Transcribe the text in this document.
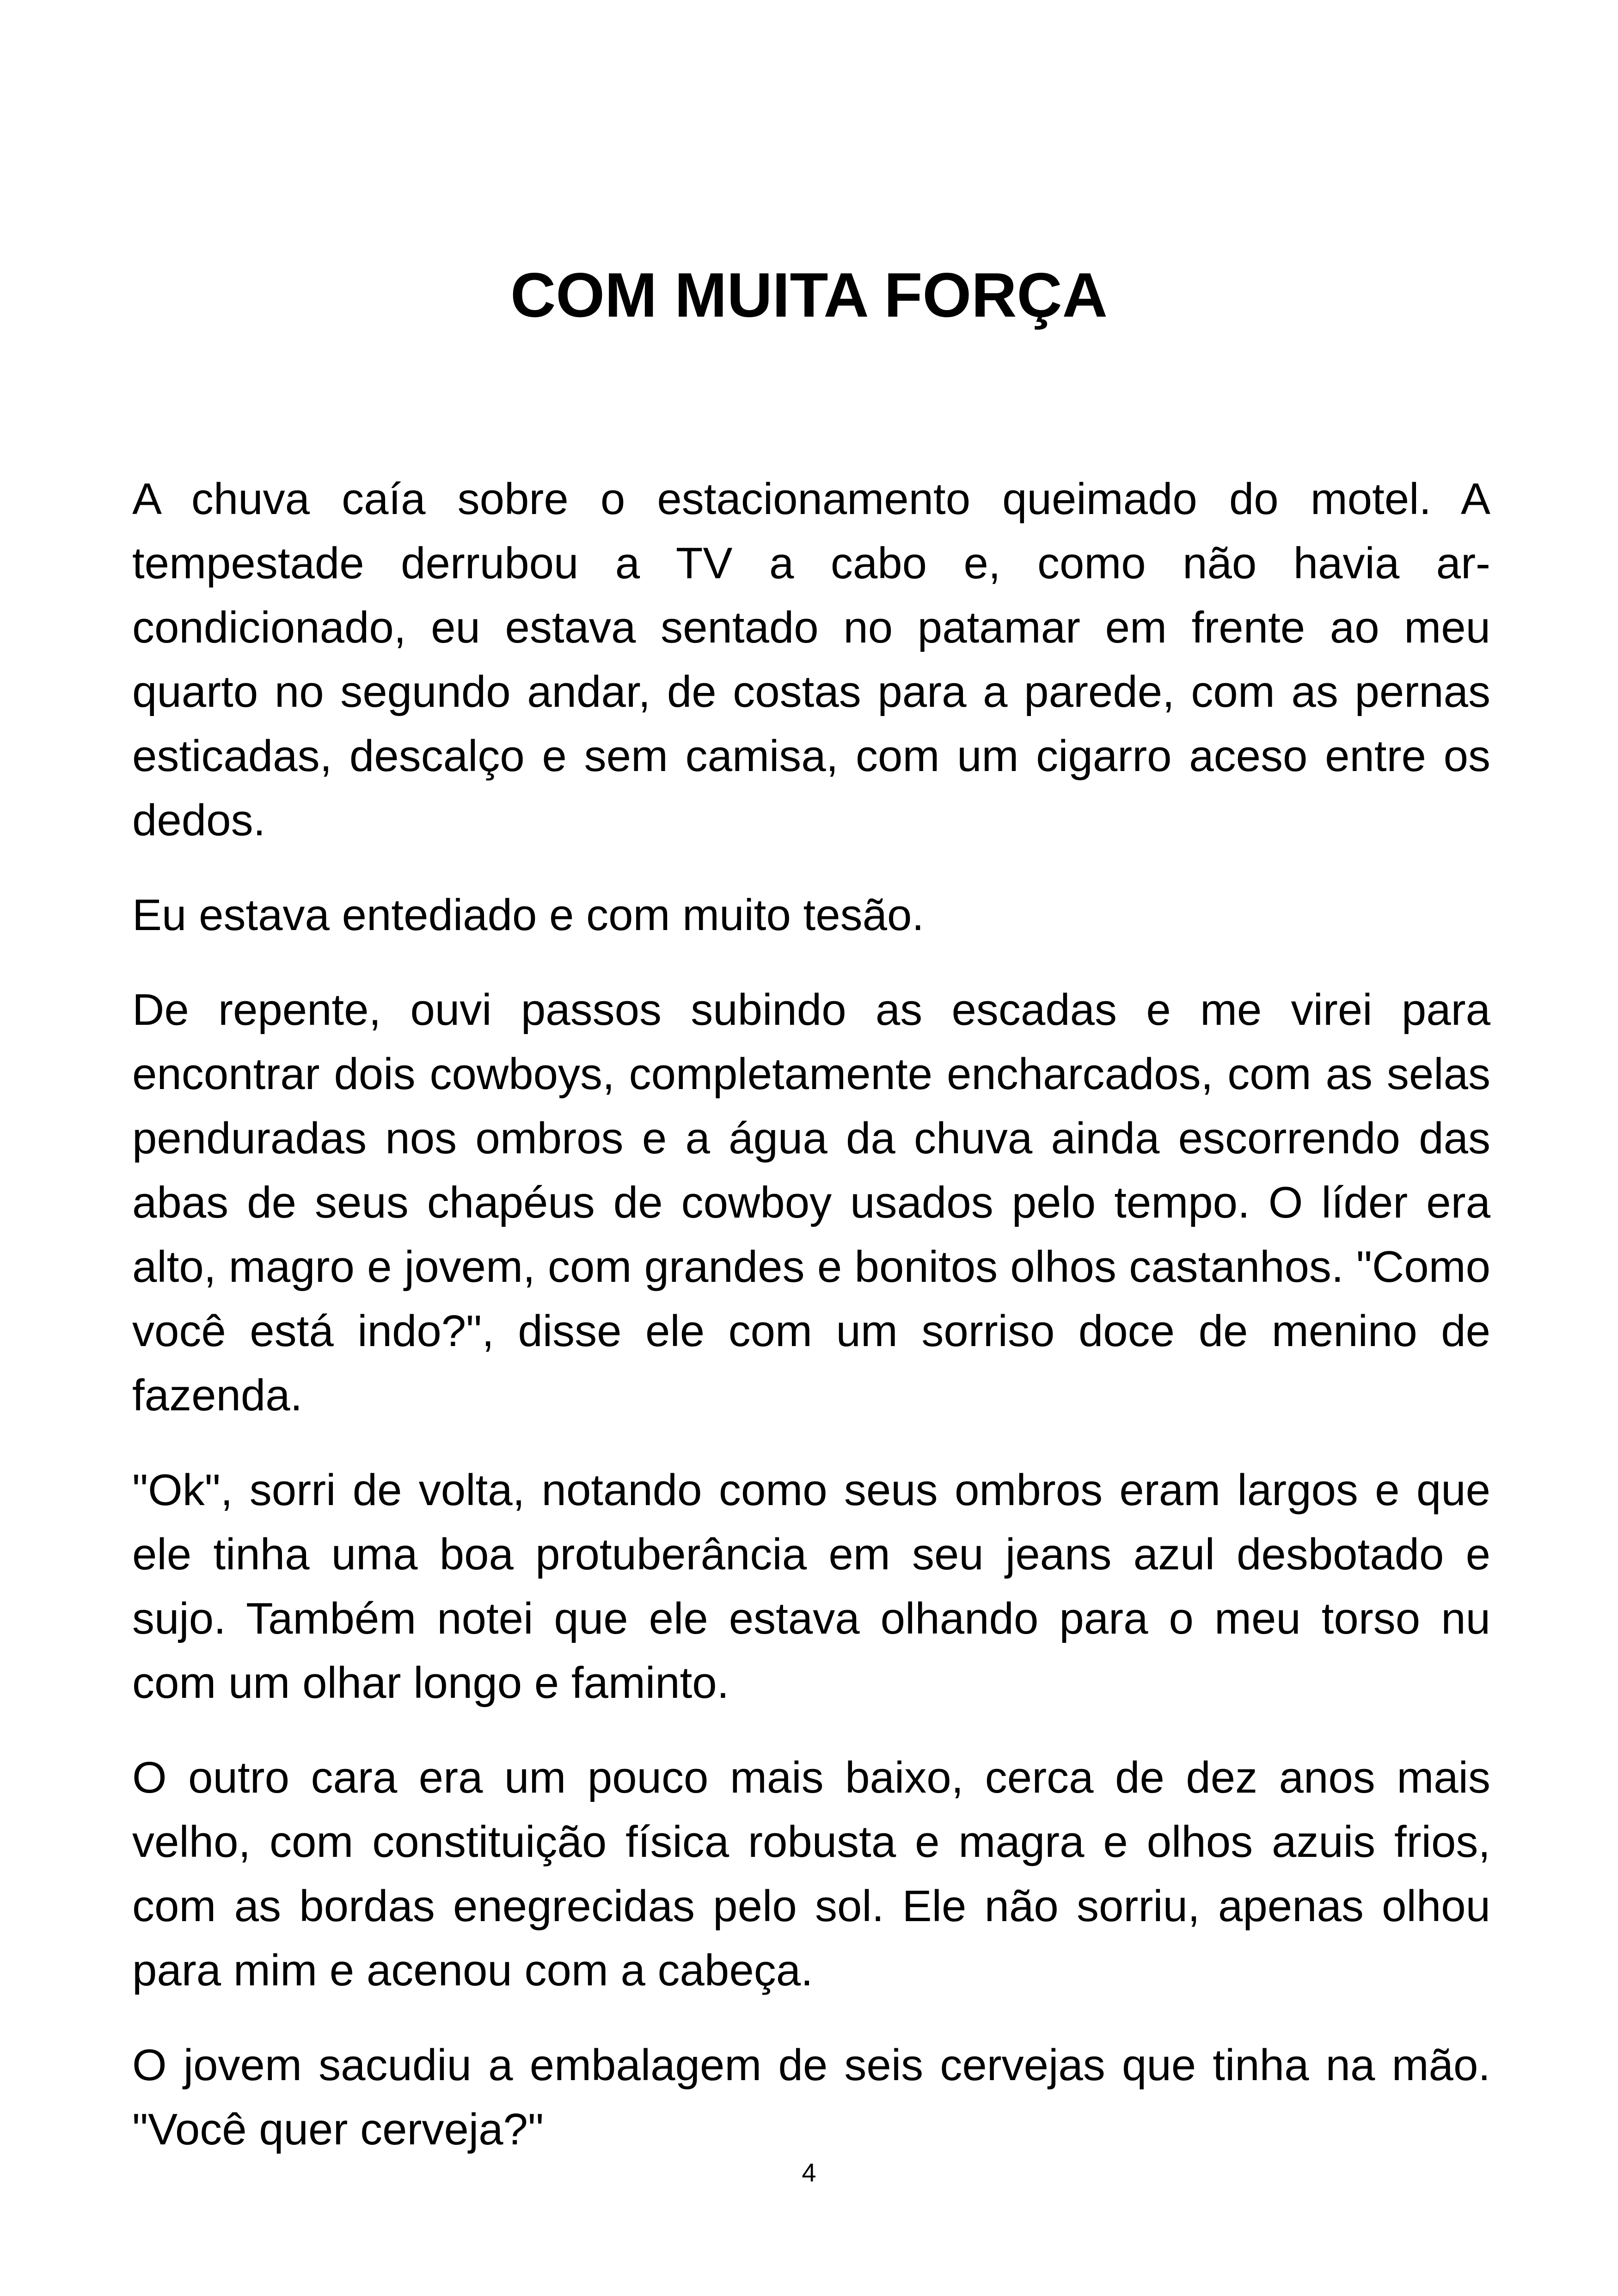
COM MUITA FORÇA

A chuva caía sobre o estacionamento queimado do motel. A tempestade derrubou a TV a cabo e, como não havia ar-condicionado, eu estava sentado no patamar em frente ao meu quarto no segundo andar, de costas para a parede, com as pernas esticadas, descalço e sem camisa, com um cigarro aceso entre os dedos.

Eu estava entediado e com muito tesão.

De repente, ouvi passos subindo as escadas e me virei para encontrar dois cowboys, completamente encharcados, com as selas penduradas nos ombros e a água da chuva ainda escorrendo das abas de seus chapéus de cowboy usados pelo tempo. O líder era alto, magro e jovem, com grandes e bonitos olhos castanhos. "Como você está indo?", disse ele com um sorriso doce de menino de fazenda.

"Ok", sorri de volta, notando como seus ombros eram largos e que ele tinha uma boa protuberância em seu jeans azul desbotado e sujo. Também notei que ele estava olhando para o meu torso nu com um olhar longo e faminto.

O outro cara era um pouco mais baixo, cerca de dez anos mais velho, com constituição física robusta e magra e olhos azuis frios, com as bordas enegrecidas pelo sol. Ele não sorriu, apenas olhou para mim e acenou com a cabeça.

O jovem sacudiu a embalagem de seis cervejas que tinha na mão. "Você quer cerveja?"

4
